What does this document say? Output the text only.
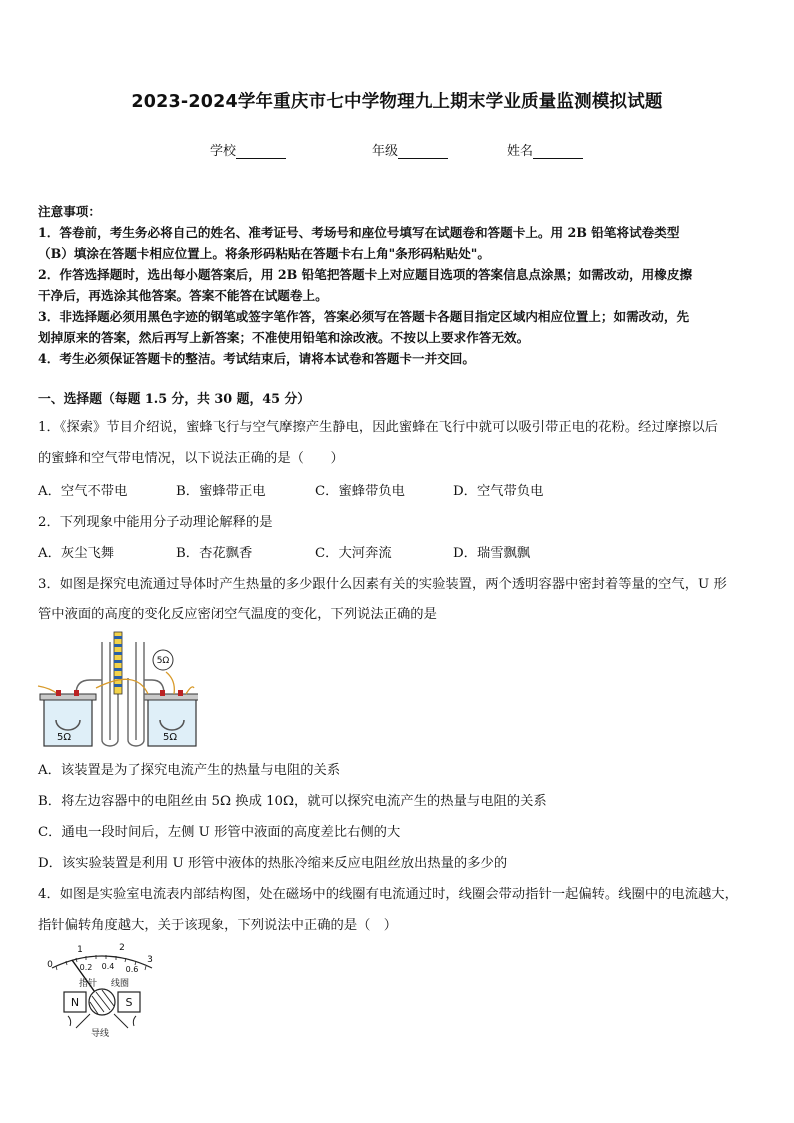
2023-2024学年重庆市七中学物理九上期末学业质量监测模拟试题
学校	年级	姓名
注意事项：
1．答卷前，考生务必将自己的姓名、准考证号、考场号和座位号填写在试题卷和答题卡上。用 2B 铅笔将试卷类型
（B）填涂在答题卡相应位置上。将条形码粘贴在答题卡右上角"条形码粘贴处"。
2．作答选择题时，选出每小题答案后，用 2B 铅笔把答题卡上对应题目选项的答案信息点涂黑；如需改动，用橡皮擦
干净后，再选涂其他答案。答案不能答在试题卷上。
3．非选择题必须用黑色字迹的钢笔或签字笔作答，答案必须写在答题卡各题目指定区域内相应位置上；如需改动，先
划掉原来的答案，然后再写上新答案；不准使用铅笔和涂改液。不按以上要求作答无效。
4．考生必须保证答题卡的整洁。考试结束后，请将本试卷和答题卡一并交回。
一、选择题（每题 1.5 分，共 30 题，45 分）
1．《探索》节目介绍说，蜜蜂飞行与空气摩擦产生静电，因此蜜蜂在飞行中就可以吸引带正电的花粉。经过摩擦以后
的蜜蜂和空气带电情况，以下说法正确的是（　　）
A．空气不带电	B．蜜蜂带正电	C．蜜蜂带负电	D．空气带负电
2．下列现象中能用分子动理论解释的是
A．灰尘飞舞	B．杏花飘香	C．大河奔流	D．瑞雪飘飘
3．如图是探究电流通过导体时产生热量的多少跟什么因素有关的实验装置，两个透明容器中密封着等量的空气，U 形
管中液面的高度的变化反应密闭空气温度的变化，下列说法正确的是
5Ω
5Ω	5Ω
A．该装置是为了探究电流产生的热量与电阻的关系
B．将左边容器中的电阻丝由 5Ω 换成 10Ω，就可以探究电流产生的热量与电阻的关系
C．通电一段时间后，左侧 U 形管中液面的高度差比右侧的大
D．该实验装置是利用 U 形管中液体的热胀冷缩来反应电阻丝放出热量的多少的
4．如图是实验室电流表内部结构图，处在磁场中的线圈有电流通过时，线圈会带动指针一起偏转。线圈中的电流越大，
指针偏转角度越大，关于该现象，下列说法中正确的是（　）
0
1	2
3
0.2 0.4 0.6
指针 线圈
N	S
导线
